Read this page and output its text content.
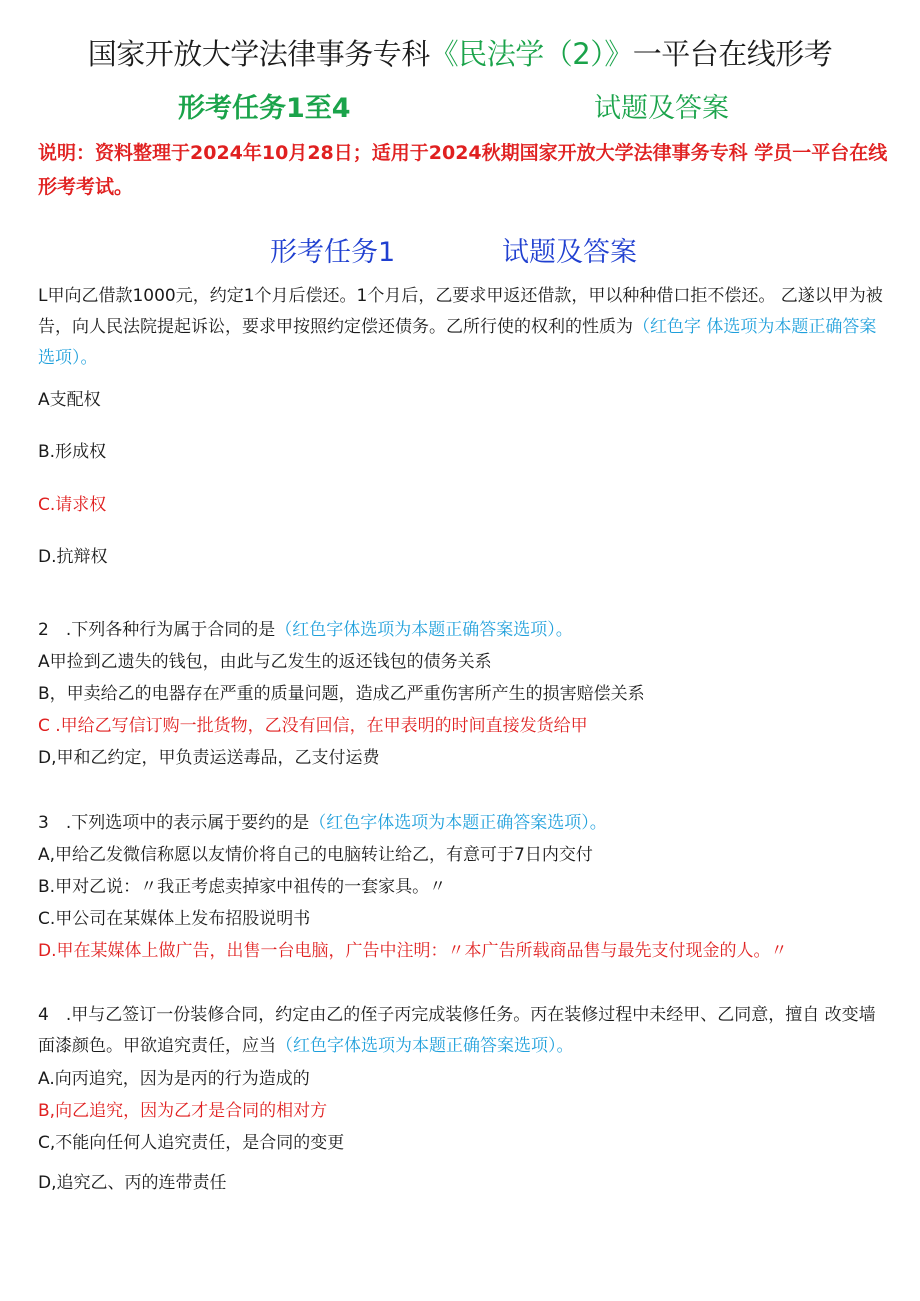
国家开放大学法律事务专科《民法学（2）》一平台在线形考
形考任务1至4	试题及答案
说明：资料整理于2024年10月28日；适用于2024秋期国家开放大学法律事务专科 学员一平台在线形考考试。
形考任务1	试题及答案
L甲向乙借款1000元，约定1个月后偿还。1个月后，乙要求甲返还借款，甲以种种借口拒不偿还。 乙遂以甲为被告，向人民法院提起诉讼，要求甲按照约定偿还债务。乙所行使的权利的性质为（红色字 体选项为本题正确答案选项）。
A支配权
B.形成权
C.请求权
D.抗辩权
2　.下列各种行为属于合同的是（红色字体选项为本题正确答案选项）。
A甲捡到乙遗失的钱包，由此与乙发生的返还钱包的债务关系
B，甲卖给乙的电器存在严重的质量问题，造成乙严重伤害所产生的损害赔偿关系
C .甲给乙写信订购一批货物，乙没有回信，在甲表明的时间直接发货给甲
D,甲和乙约定，甲负责运送毒品，乙支付运费
3　.下列选项中的表示属于要约的是（红色字体选项为本题正确答案选项）。
A,甲给乙发微信称愿以友情价将自己的电脑转让给乙，有意可于7日内交付
B.甲对乙说：〃我正考虑卖掉家中祖传的一套家具。〃
C.甲公司在某媒体上发布招股说明书
D.甲在某媒体上做广告，出售一台电脑，广告中注明：〃本广告所载商品售与最先支付现金的人。〃
4　.甲与乙签订一份装修合同，约定由乙的侄子丙完成装修任务。丙在装修过程中未经甲、乙同意，擅自 改变墙面漆颜色。甲欲追究责任，应当（红色字体选项为本题正确答案选项）。
A.向丙追究，因为是丙的行为造成的
B,向乙追究，因为乙才是合同的相对方
C,不能向任何人追究责任，是合同的变更
D,追究乙、丙的连带责任
